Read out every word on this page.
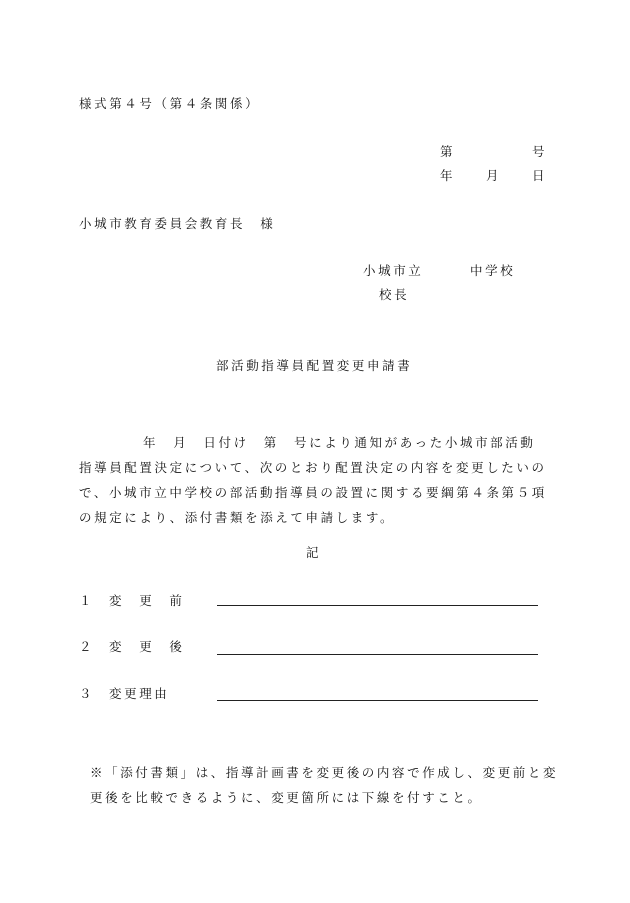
様式第４号（第４条関係）
第	号
年 月 日
小城市教育委員会教育長　様
小城市立	中学校
校長
部活動指導員配置変更申請書

年　月　日付け　第　号により通知があった小城市部活動

指導員配置決定について、次のとおり配置決定の内容を変更したいの

で、小城市立中学校の部活動指導員の設置に関する要綱第４条第５項

の規定により、添付書類を添えて申請します。

記
１ 変　更　前
２ 変　更　後
３ 変更理由

※「添付書類」は、指導計画書を変更後の内容で作成し、変更前と変

更後を比較できるように、変更箇所には下線を付すこと。
